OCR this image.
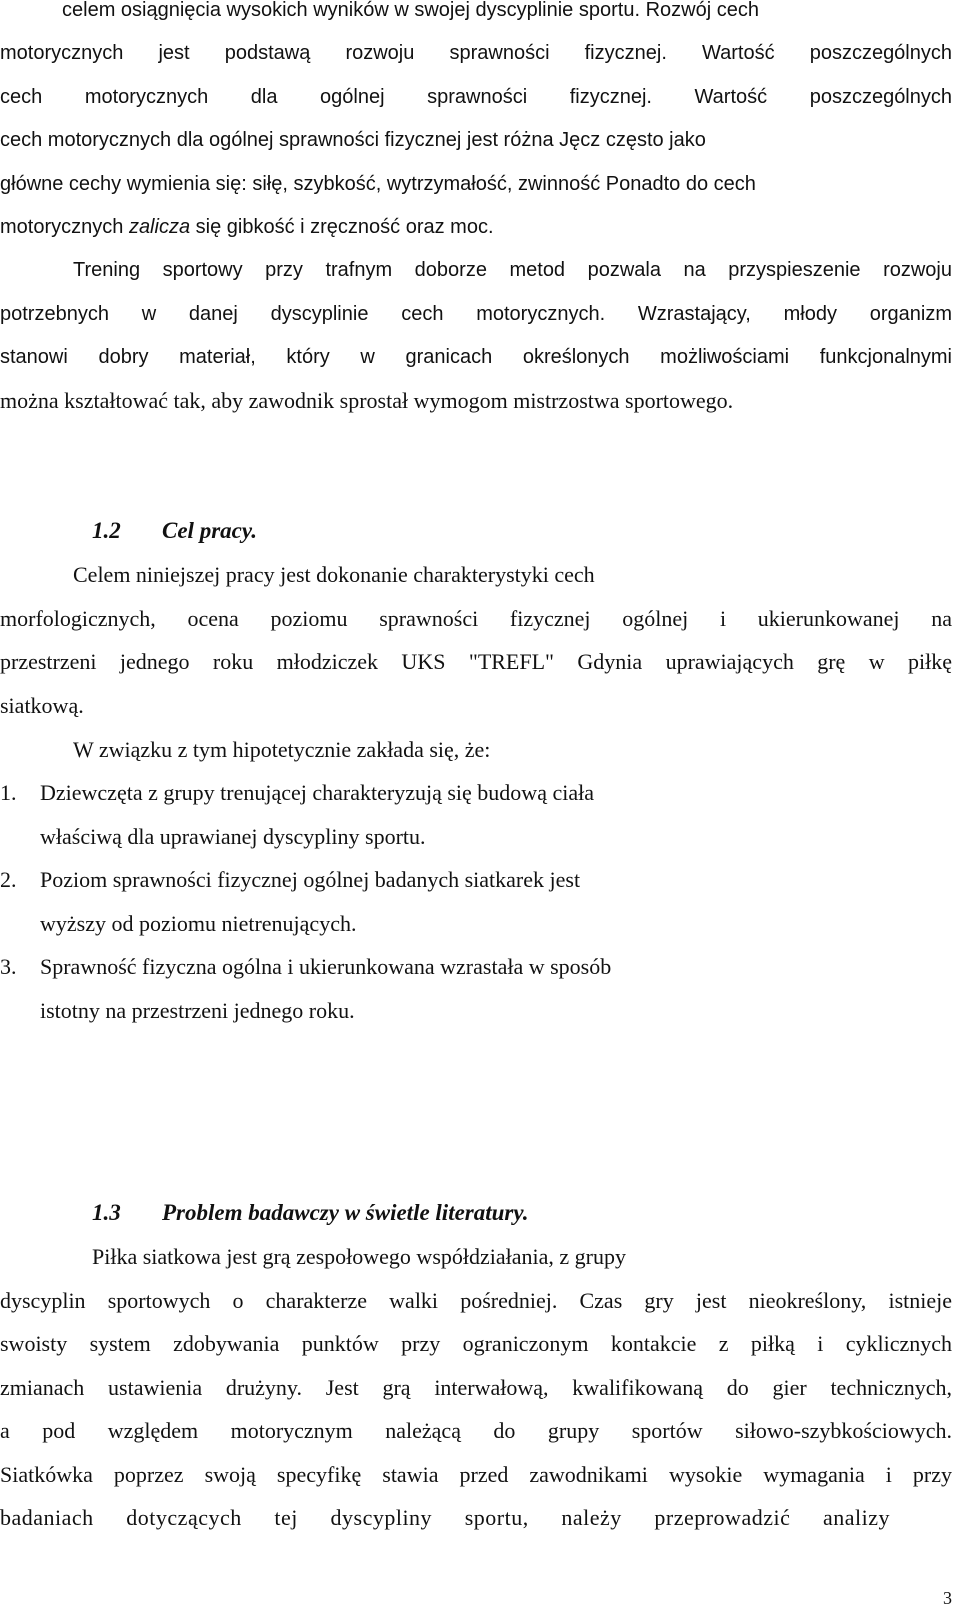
celem osiągnięcia wysokich wyników w swojej dyscyplinie sportu. Rozwój cech
motorycznych jest podstawą rozwoju sprawności fizycznej. Wartość poszczególnych
cech motorycznych dla ogólnej sprawności fizycznej. Wartość poszczególnych
cech motorycznych dla ogólnej sprawności fizycznej jest różna Jęcz często jako
główne cechy wymienia się: siłę, szybkość, wytrzymałość, zwinność Ponadto do cech
motorycznych zalicza się gibkość i zręczność oraz moc.
Trening sportowy przy trafnym doborze metod pozwala na przyspieszenie rozwoju
potrzebnych w danej dyscyplinie cech motorycznych. Wzrastający, młody organizm
stanowi dobry materiał, który w granicach określonych możliwościami funkcjonalnymi
można kształtować tak, aby zawodnik sprostał wymogom mistrzostwa sportowego.
1.2 Cel pracy.
Celem niniejszej pracy jest dokonanie charakterystyki cech
morfologicznych, ocena poziomu sprawności fizycznej ogólnej i ukierunkowanej na
przestrzeni jednego roku młodziczek UKS "TREFL" Gdynia uprawiających grę w piłkę
siatkową.
W związku z tym hipotetycznie zakłada się, że:
1. Dziewczęta z grupy trenującej charakteryzują się budową ciała
właściwą dla uprawianej dyscypliny sportu.
2. Poziom sprawności fizycznej ogólnej badanych siatkarek jest
wyższy od poziomu nietrenujących.
3. Sprawność fizyczna ogólna i ukierunkowana wzrastała w sposób
istotny na przestrzeni jednego roku.
1.3 Problem badawczy w świetle literatury.
Piłka siatkowa jest grą zespołowego współdziałania, z grupy
dyscyplin sportowych o charakterze walki pośredniej. Czas gry jest nieokreślony, istnieje
swoisty system zdobywania punktów przy ograniczonym kontakcie z piłką i cyklicznych
zmianach ustawienia drużyny. Jest grą interwałową, kwalifikowaną do gier technicznych,
a pod względem motorycznym należącą do grupy sportów siłowo-szybkościowych.
Siatkówka poprzez swoją specyfikę stawia przed zawodnikami wysokie wymagania i przy
badaniach dotyczących tej dyscypliny sportu, należy przeprowadzić analizy
3
